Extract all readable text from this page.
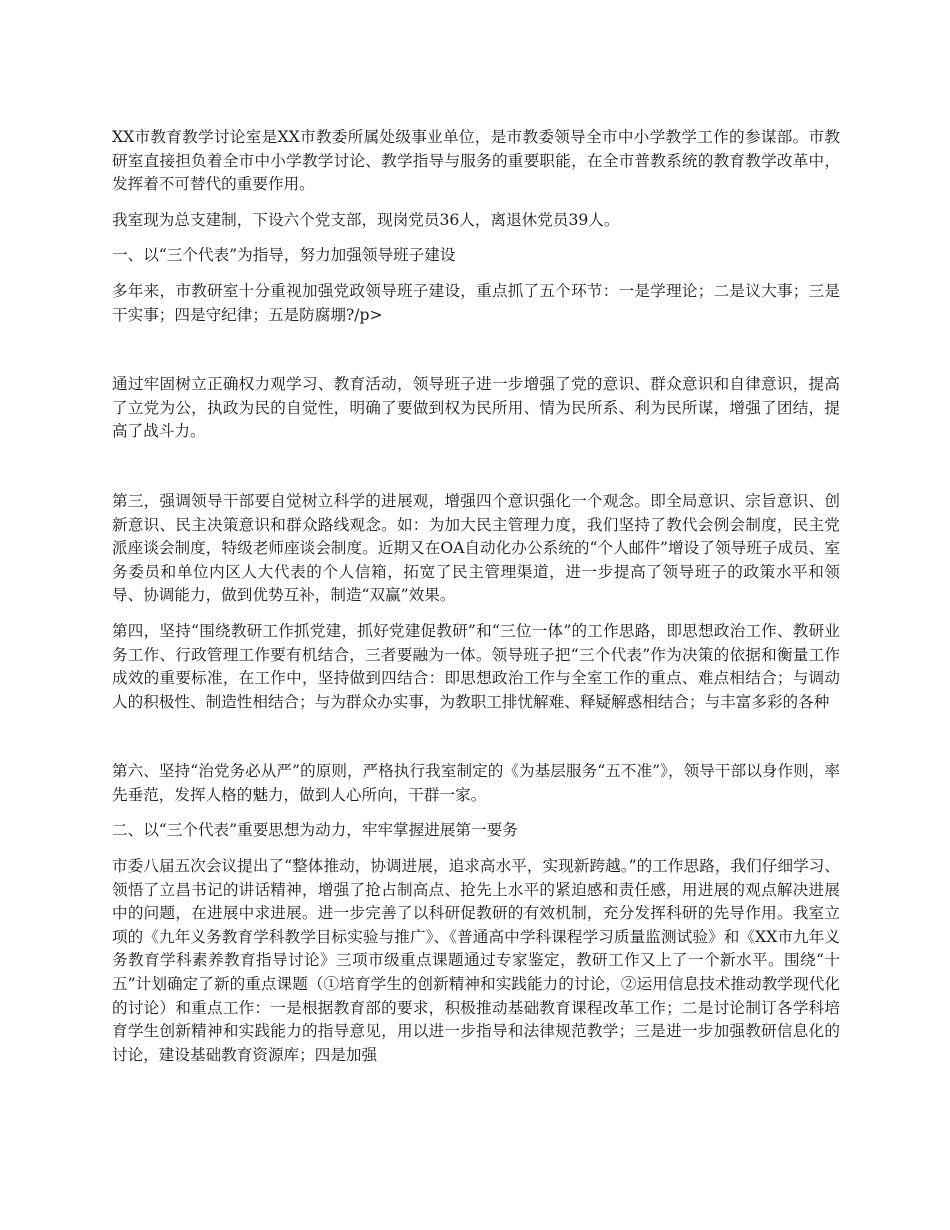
XX市教育教学讨论室是XX市教委所属处级事业单位，是市教委领导全市中小学教学工作的参谋部。市教研室直接担负着全市中小学教学讨论、教学指导与服务的重要职能，在全市普教系统的教育教学改革中，发挥着不可替代的重要作用。

我室现为总支建制，下设六个党支部，现岗党员36人，离退休党员39人。

一、以“三个代表”为指导，努力加强领导班子建设

多年来，市教研室十分重视加强党政领导班子建设，重点抓了五个环节：一是学理论；二是议大事；三是干实事；四是守纪律；五是防腐堋?/p>

通过牢固树立正确权力观学习、教育活动，领导班子进一步增强了党的意识、群众意识和自律意识，提高了立党为公，执政为民的自觉性，明确了要做到权为民所用、情为民所系、利为民所谋，增强了团结，提高了战斗力。

第三，强调领导干部要自觉树立科学的进展观，增强四个意识强化一个观念。即全局意识、宗旨意识、创新意识、民主决策意识和群众路线观念。如：为加大民主管理力度，我们坚持了教代会例会制度，民主党派座谈会制度，特级老师座谈会制度。近期又在OA自动化办公系统的“个人邮件”增设了领导班子成员、室务委员和单位内区人大代表的个人信箱，拓宽了民主管理渠道，进一步提高了领导班子的政策水平和领导、协调能力，做到优势互补，制造“双赢”效果。

第四，坚持“围绕教研工作抓党建，抓好党建促教研”和“三位一体”的工作思路，即思想政治工作、教研业务工作、行政管理工作要有机结合，三者要融为一体。领导班子把“三个代表”作为决策的依据和衡量工作成效的重要标准，在工作中，坚持做到四结合：即思想政治工作与全室工作的重点、难点相结合；与调动人的积极性、制造性相结合；与为群众办实事，为教职工排忧解难、释疑解惑相结合；与丰富多彩的各种

第六、坚持“治党务必从严”的原则，严格执行我室制定的《为基层服务“五不准”》，领导干部以身作则，率先垂范，发挥人格的魅力，做到人心所向，干群一家。

二、以“三个代表”重要思想为动力，牢牢掌握进展第一要务

市委八届五次会议提出了“整体推动，协调进展，追求高水平，实现新跨越。”的工作思路，我们仔细学习、领悟了立昌书记的讲话精神，增强了抢占制高点、抢先上水平的紧迫感和责任感，用进展的观点解决进展中的问题，在进展中求进展。进一步完善了以科研促教研的有效机制，充分发挥科研的先导作用。我室立项的《九年义务教育学科教学目标实验与推广》、《普通高中学科课程学习质量监测试验》和《XX市九年义务教育学科素养教育指导讨论》三项市级重点课题通过专家鉴定，教研工作又上了一个新水平。围绕“十五”计划确定了新的重点课题（①培育学生的创新精神和实践能力的讨论，②运用信息技术推动教学现代化的讨论）和重点工作：一是根据教育部的要求，积极推动基础教育课程改革工作；二是讨论制订各学科培育学生创新精神和实践能力的指导意见，用以进一步指导和法律规范教学；三是进一步加强教研信息化的讨论，建设基础教育资源库；四是加强
